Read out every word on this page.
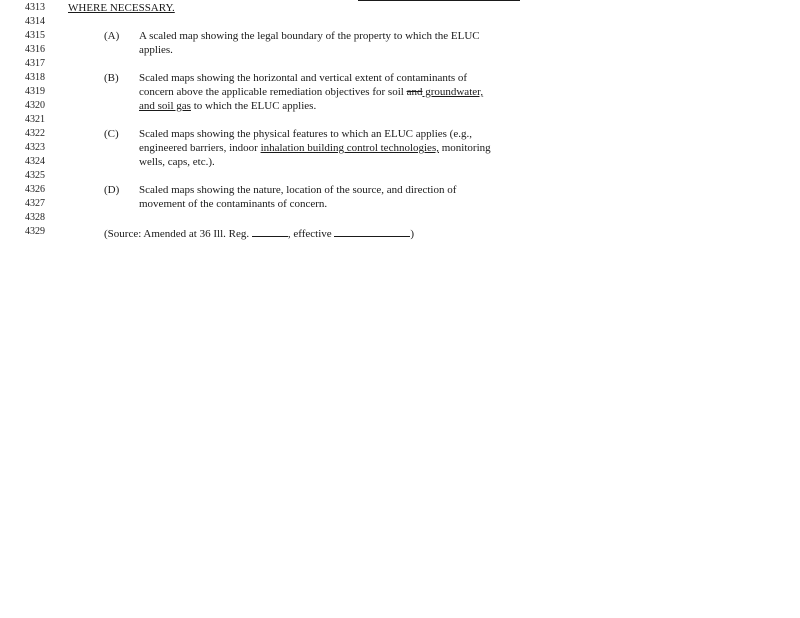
4313	WHERE NECESSARY.
4314
4315	(A) A scaled map showing the legal boundary of the property to which the ELUC
4316	applies.
4317
4318	(B) Scaled maps showing the horizontal and vertical extent of contaminants of
4319	concern above the applicable remediation objectives for soil and groundwater,
4320	and soil gas to which the ELUC applies.
4321
4322	(C) Scaled maps showing the physical features to which an ELUC applies (e.g.,
4323	engineered barriers, indoor inhalation building control technologies, monitoring
4324	wells, caps, etc.).
4325
4326	(D) Scaled maps showing the nature, location of the source, and direction of
4327	movement of the contaminants of concern.
4328
4329	(Source: Amended at 36 Ill. Reg.	, effective	)
